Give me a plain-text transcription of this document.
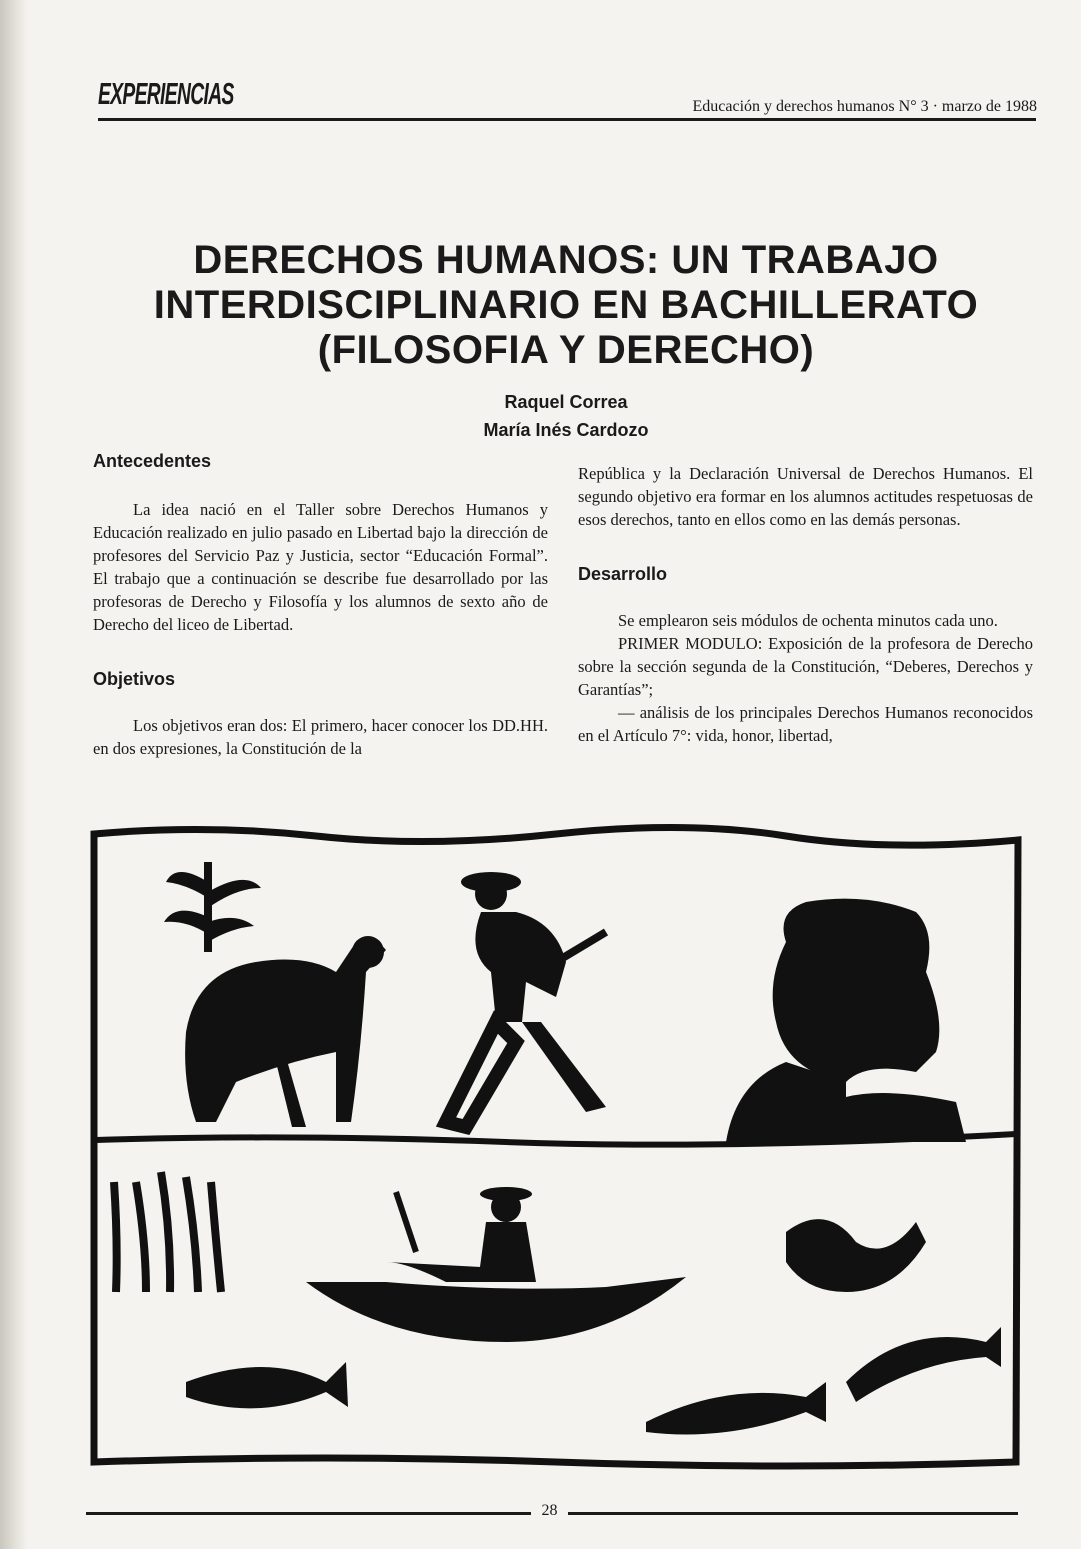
EXPERIENCIAS	Educación y derechos humanos N° 3 · marzo de 1988
DERECHOS HUMANOS: UN TRABAJO
INTERDISCIPLINARIO EN BACHILLERATO
(FILOSOFIA Y DERECHO)
Raquel Correa
María Inés Cardozo
Antecedentes

La idea nació en el Taller sobre Derechos Humanos y Educación realizado en julio pasado en Libertad bajo la dirección de profesores del Servicio Paz y Justicia, sector “Educación Formal”. El trabajo que a continuación se describe fue desarrollado por las profesoras de Derecho y Filosofía y los alumnos de sexto año de Derecho del liceo de Libertad.

Objetivos

Los objetivos eran dos: El primero, hacer conocer los DD.HH. en dos expresiones, la Constitución de la

República y la Declaración Universal de Derechos Humanos. El segundo objetivo era formar en los alumnos actitudes respetuosas de esos derechos, tanto en ellos como en las demás personas.

Desarrollo

Se emplearon seis módulos de ochenta minutos cada uno.

PRIMER MODULO: Exposición de la profesora de Derecho sobre la sección segunda de la Constitución, “Deberes, Derechos y Garantías”;

— análisis de los principales Derechos Humanos reconocidos en el Artículo 7°: vida, honor, libertad,

28
